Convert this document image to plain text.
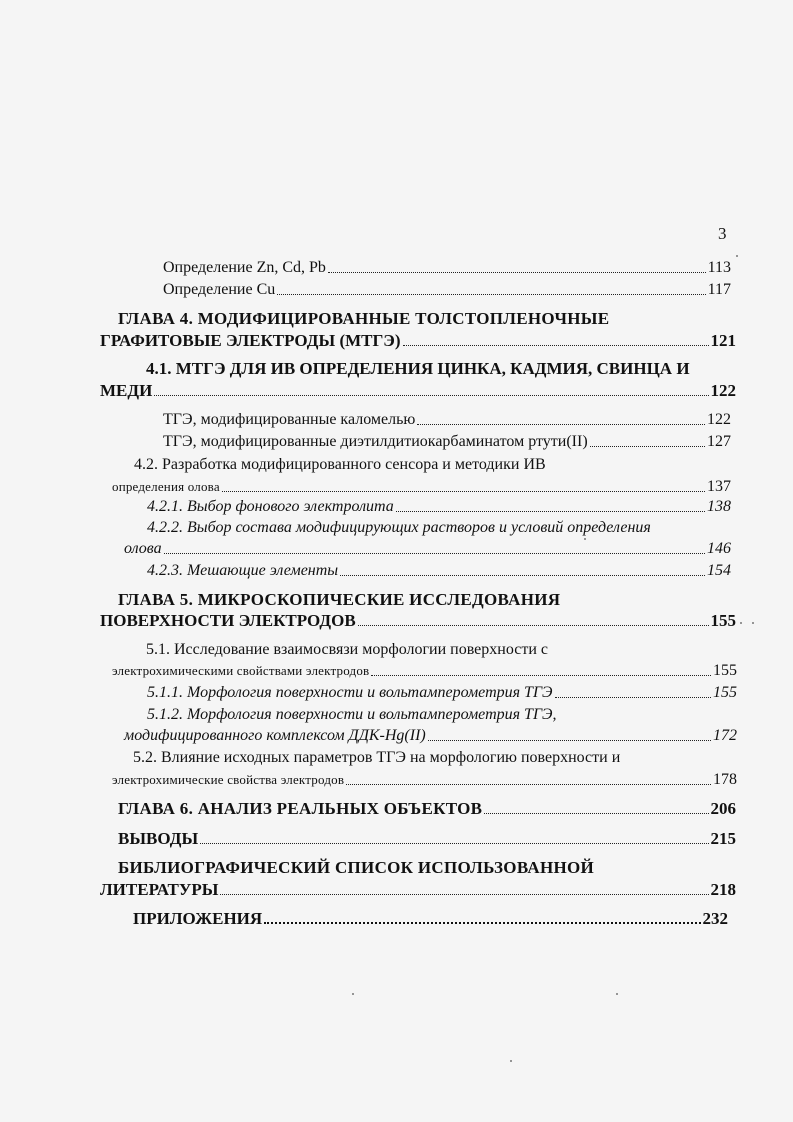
3
Определение Zn, Cd, Pb	113
Определение Cu	117
ГЛАВА 4. МОДИФИЦИРОВАННЫЕ ТОЛСТОПЛЕНОЧНЫЕ
ГРАФИТОВЫЕ ЭЛЕКТРОДЫ (МТГЭ)	121
4.1. МТГЭ ДЛЯ ИВ ОПРЕДЕЛЕНИЯ ЦИНКА, КАДМИЯ, СВИНЦА И
МЕДИ	122
ТГЭ, модифицированные каломелью	122
ТГЭ, модифицированные диэтилдитиокарбаминатом ртути(II)	127
4.2. Разработка модифицированного сенсора и методики ИВ
определения олова	137
4.2.1. Выбор фонового электролита	138
4.2.2. Выбор состава модифицирующих растворов и условий определения
олова	146
4.2.3. Мешающие элементы	154
ГЛАВА 5. МИКРОСКОПИЧЕСКИЕ ИССЛЕДОВАНИЯ
ПОВЕРХНОСТИ ЭЛЕКТРОДОВ	155
5.1. Исследование взаимосвязи морфологии поверхности с
электрохимическими свойствами электродов	155
5.1.1. Морфология поверхности и вольтамперометрия ТГЭ	155
5.1.2. Морфология поверхности и вольтамперометрия ТГЭ,
модифицированного комплексом ДДК-Hg(II)	172
5.2. Влияние исходных параметров ТГЭ на морфологию поверхности и
электрохимические свойства электродов	178
ГЛАВА 6. АНАЛИЗ РЕАЛЬНЫХ ОБЪЕКТОВ	206
ВЫВОДЫ	215
БИБЛИОГРАФИЧЕСКИЙ СПИСОК ИСПОЛЬЗОВАННОЙ
ЛИТЕРАТУРЫ	218
ПРИЛОЖЕНИЯ	232
